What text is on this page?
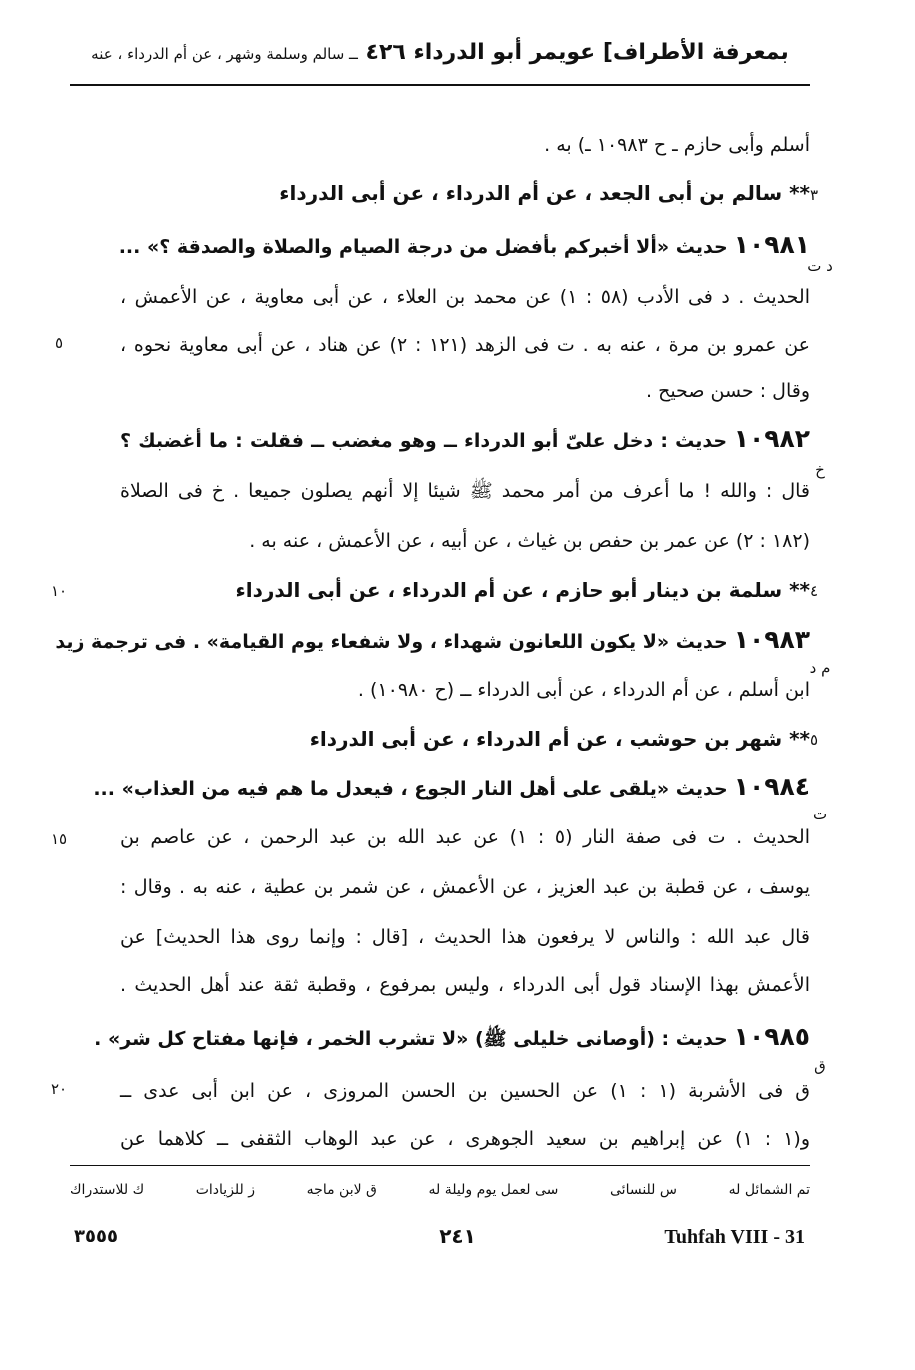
بمعرفة الأطراف] عويمر أبو الدرداء ٤٢٦ ــ سالم وسلمة وشهر ، عن أم الدرداء ، عنه
أسلم وأبى حازم ـ ح ١٠٩٨٣ ـ) به .
٣
** سالم بن أبى الجعد ، عن أم الدرداء ، عن أبى الدرداء
١٠٩٨١ حديث «ألا أخبركم بأفضل من درجة الصيام والصلاة والصدقة ؟» ...
د ت
الحديث . د فى الأدب (٥٨ : ١) عن محمد بن العلاء ، عن أبى معاوية ، عن الأعمش ،
عن عمرو بن مرة ، عنه به . ت فى الزهد (١٢١ : ٢) عن هناد ، عن أبى معاوية نحوه ،
٥
وقال : حسن صحيح .
١٠٩٨٢ حديث : دخل علىّ أبو الدرداء ــ وهو مغضب ــ فقلت : ما أغضبك ؟
خ
قال : والله ! ما أعرف من أمر محمد ﷺ شيئا إلا أنهم يصلون جميعا . خ فى الصلاة
(١٨٢ : ٢) عن عمر بن حفص بن غياث ، عن أبيه ، عن الأعمش ، عنه به .
٤
١٠	** سلمة بن دينار أبو حازم ، عن أم الدرداء ، عن أبى الدرداء
١٠٩٨٣ حديث «لا يكون اللعانون شهداء ، ولا شفعاء يوم القيامة» . فى ترجمة زيد
م د
ابن أسلم ، عن أم الدرداء ، عن أبى الدرداء ــ (ح ١٠٩٨٠) .
٥
** شهر بن حوشب ، عن أم الدرداء ، عن أبى الدرداء
١٠٩٨٤ حديث «يلقى على أهل النار الجوع ، فيعدل ما هم فيه من العذاب» ...
ت
الحديث . ت فى صفة النار (٥ : ١) عن عبد الله بن عبد الرحمن ، عن عاصم بن
١٥
يوسف ، عن قطبة بن عبد العزيز ، عن الأعمش ، عن شمر بن عطية ، عنه به . وقال :
قال عبد الله : والناس لا يرفعون هذا الحديث ، [قال : وإنما روى هذا الحديث] عن
الأعمش بهذا الإسناد قول أبى الدرداء ، وليس بمرفوع ، وقطبة ثقة عند أهل الحديث .
١٠٩٨٥ حديث : (أوصانى خليلى ﷺ) «لا تشرب الخمر ، فإنها مفتاح كل شر» .
ق
ق فى الأشربة (١ : ١) عن الحسين بن الحسن المروزى ، عن ابن أبى عدى ــ
٢٠
و(١ : ١) عن إبراهيم بن سعيد الجوهرى ، عن عبد الوهاب الثقفى ــ كلاهما عن
تم الشمائل له
س للنسائى
سى لعمل يوم وليلة له
ق لابن ماجه
ز للزيادات
ك للاستدراك
٣٥٥٥	٢٤١	Tuhfah VIII - 31
